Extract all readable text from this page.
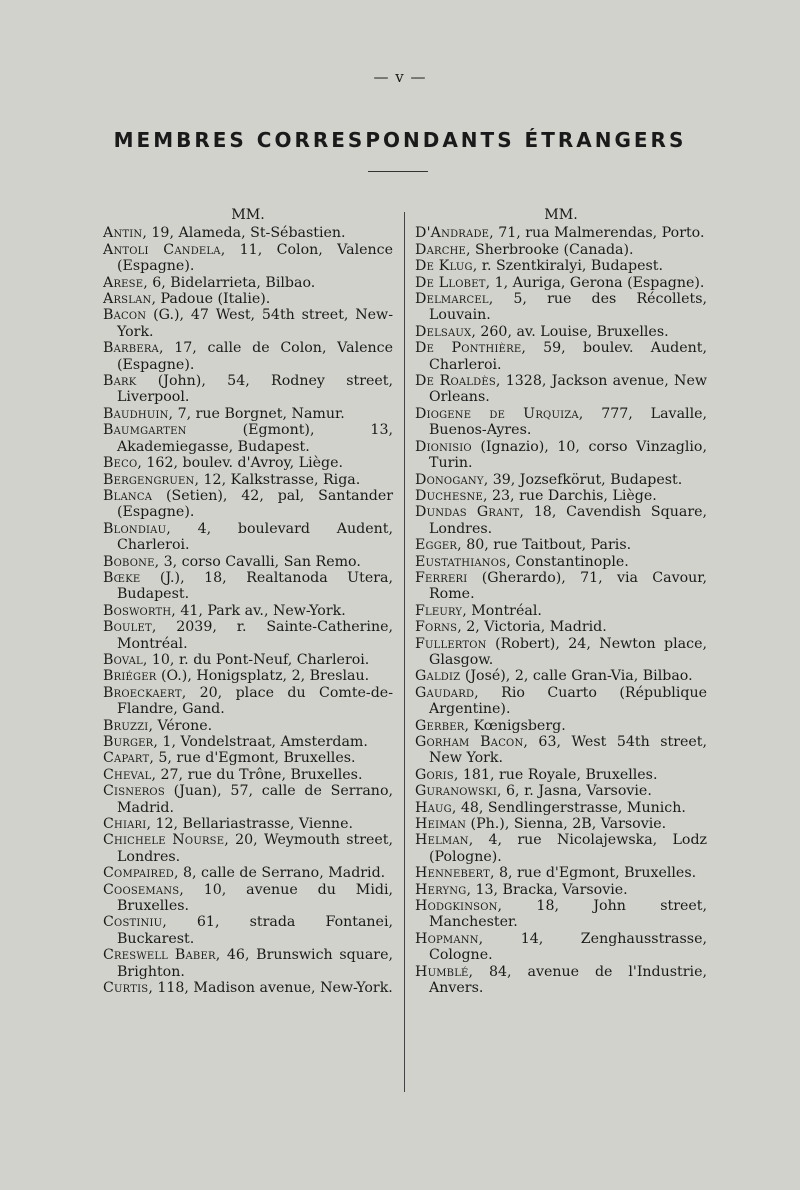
— v —
MEMBRES CORRESPONDANTS ÉTRANGERS
MM.
Antin, 19, Alameda, St-Sébastien.
Antoli Candela, 11, Colon, Valence (Espagne).
Arese, 6, Bidelarrieta, Bilbao.
Arslan, Padoue (Italie).
Bacon (G.), 47 West, 54th street, New-York.
Barbera, 17, calle de Colon, Valence (Espagne).
Bark (John), 54, Rodney street, Liverpool.
Baudhuin, 7, rue Borgnet, Namur.
Baumgarten (Egmont), 13, Akademiegasse, Budapest.
Beco, 162, boulev. d'Avroy, Liège.
Bergengruen, 12, Kalkstrasse, Riga.
Blanca (Setien), 42, pal, Santander (Espagne).
Blondiau, 4, boulevard Audent, Charleroi.
Bobone, 3, corso Cavalli, San Remo.
Bœke (J.), 18, Realtanoda Utera, Budapest.
Bosworth, 41, Park av., New-York.
Boulet, 2039, r. Sainte-Catherine, Montréal.
Boval, 10, r. du Pont-Neuf, Charleroi.
Briéger (O.), Honigsplatz, 2, Breslau.
Broeckaert, 20, place du Comte-de-Flandre, Gand.
Bruzzi, Vérone.
Burger, 1, Vondelstraat, Amsterdam.
Capart, 5, rue d'Egmont, Bruxelles.
Cheval, 27, rue du Trône, Bruxelles.
Cisneros (Juan), 57, calle de Serrano, Madrid.
Chiari, 12, Bellariastrasse, Vienne.
Chichele Nourse, 20, Weymouth street, Londres.
Compaired, 8, calle de Serrano, Madrid.
Coosemans, 10, avenue du Midi, Bruxelles.
Costiniu, 61, strada Fontanei, Buckarest.
Creswell Baber, 46, Brunswich square, Brighton.
Curtis, 118, Madison avenue, New-York.
MM.
D'Andrade, 71, rua Malmerendas, Porto.
Darche, Sherbrooke (Canada).
De Klug, r. Szentkiralyi, Budapest.
De Llobet, 1, Auriga, Gerona (Espagne).
Delmarcel, 5, rue des Récollets, Louvain.
Delsaux, 260, av. Louise, Bruxelles.
De Ponthière, 59, boulev. Audent, Charleroi.
De Roaldès, 1328, Jackson avenue, New Orleans.
Diogene de Urquiza, 777, Lavalle, Buenos-Ayres.
Dionisio (Ignazio), 10, corso Vinzaglio, Turin.
Donogany, 39, Jozsefkörut, Budapest.
Duchesne, 23, rue Darchis, Liège.
Dundas Grant, 18, Cavendish Square, Londres.
Egger, 80, rue Taitbout, Paris.
Eustathianos, Constantinople.
Ferreri (Gherardo), 71, via Cavour, Rome.
Fleury, Montréal.
Forns, 2, Victoria, Madrid.
Fullerton (Robert), 24, Newton place, Glasgow.
Galdiz (José), 2, calle Gran-Via, Bilbao.
Gaudard, Rio Cuarto (République Argentine).
Gerber, Kœnigsberg.
Gorham Bacon, 63, West 54th street, New York.
Goris, 181, rue Royale, Bruxelles.
Guranowski, 6, r. Jasna, Varsovie.
Haug, 48, Sendlingerstrasse, Munich.
Heiman (Ph.), Sienna, 2B, Varsovie.
Helman, 4, rue Nicolajewska, Lodz (Pologne).
Hennebert, 8, rue d'Egmont, Bruxelles.
Heryng, 13, Bracka, Varsovie.
Hodgkinson, 18, John street, Manchester.
Hopmann, 14, Zenghausstrasse, Cologne.
Humblé, 84, avenue de l'Industrie, Anvers.
